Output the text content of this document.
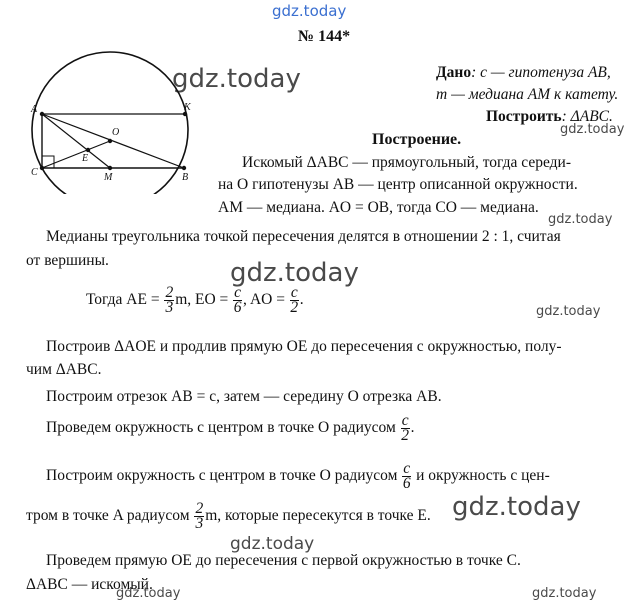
gdz.today
gdz.today
gdz.today
gdz.today
gdz.today
gdz.today
gdz.today
gdz.today
gdz.today	gdz.today
№ 144*
A	K
O
E
C	M	B
Дано: c — гипотенуза AB,
m — медиана AM к катету.
Построить: ΔABC.
Построение.
Искомый ΔABC — прямоугольный, тогда середи-
на O гипотенузы AB — центр описанной окружности.
AM — медиана. AO = OB, тогда CO — медиана.
Медианы треугольника точкой пересечения делятся в отношении 2 : 1, считая
от вершины.
Тогда AE = $\frac{2}{3} m$, EO = $\frac{c}{6}$ , AO = $\frac{c}{2}$ .
Построив ΔAOE и продлив прямую OE до пересечения с окружностью, полу-
чим ΔABC.
Построим отрезок AB = c, затем — середину O отрезка AB.
Проведем окружность с центром в точке O радиусом $\frac{c}{2}$ .
Построим окружность с центром в точке O радиусом $\frac{c}{6}$ и окружность с цен-
тром в точке A радиусом $\frac{2}{3} m$, которые пересекутся в точке E.
Проведем прямую OE до пересечения с первой окружностью в точке C.
ΔABC — искомый.
